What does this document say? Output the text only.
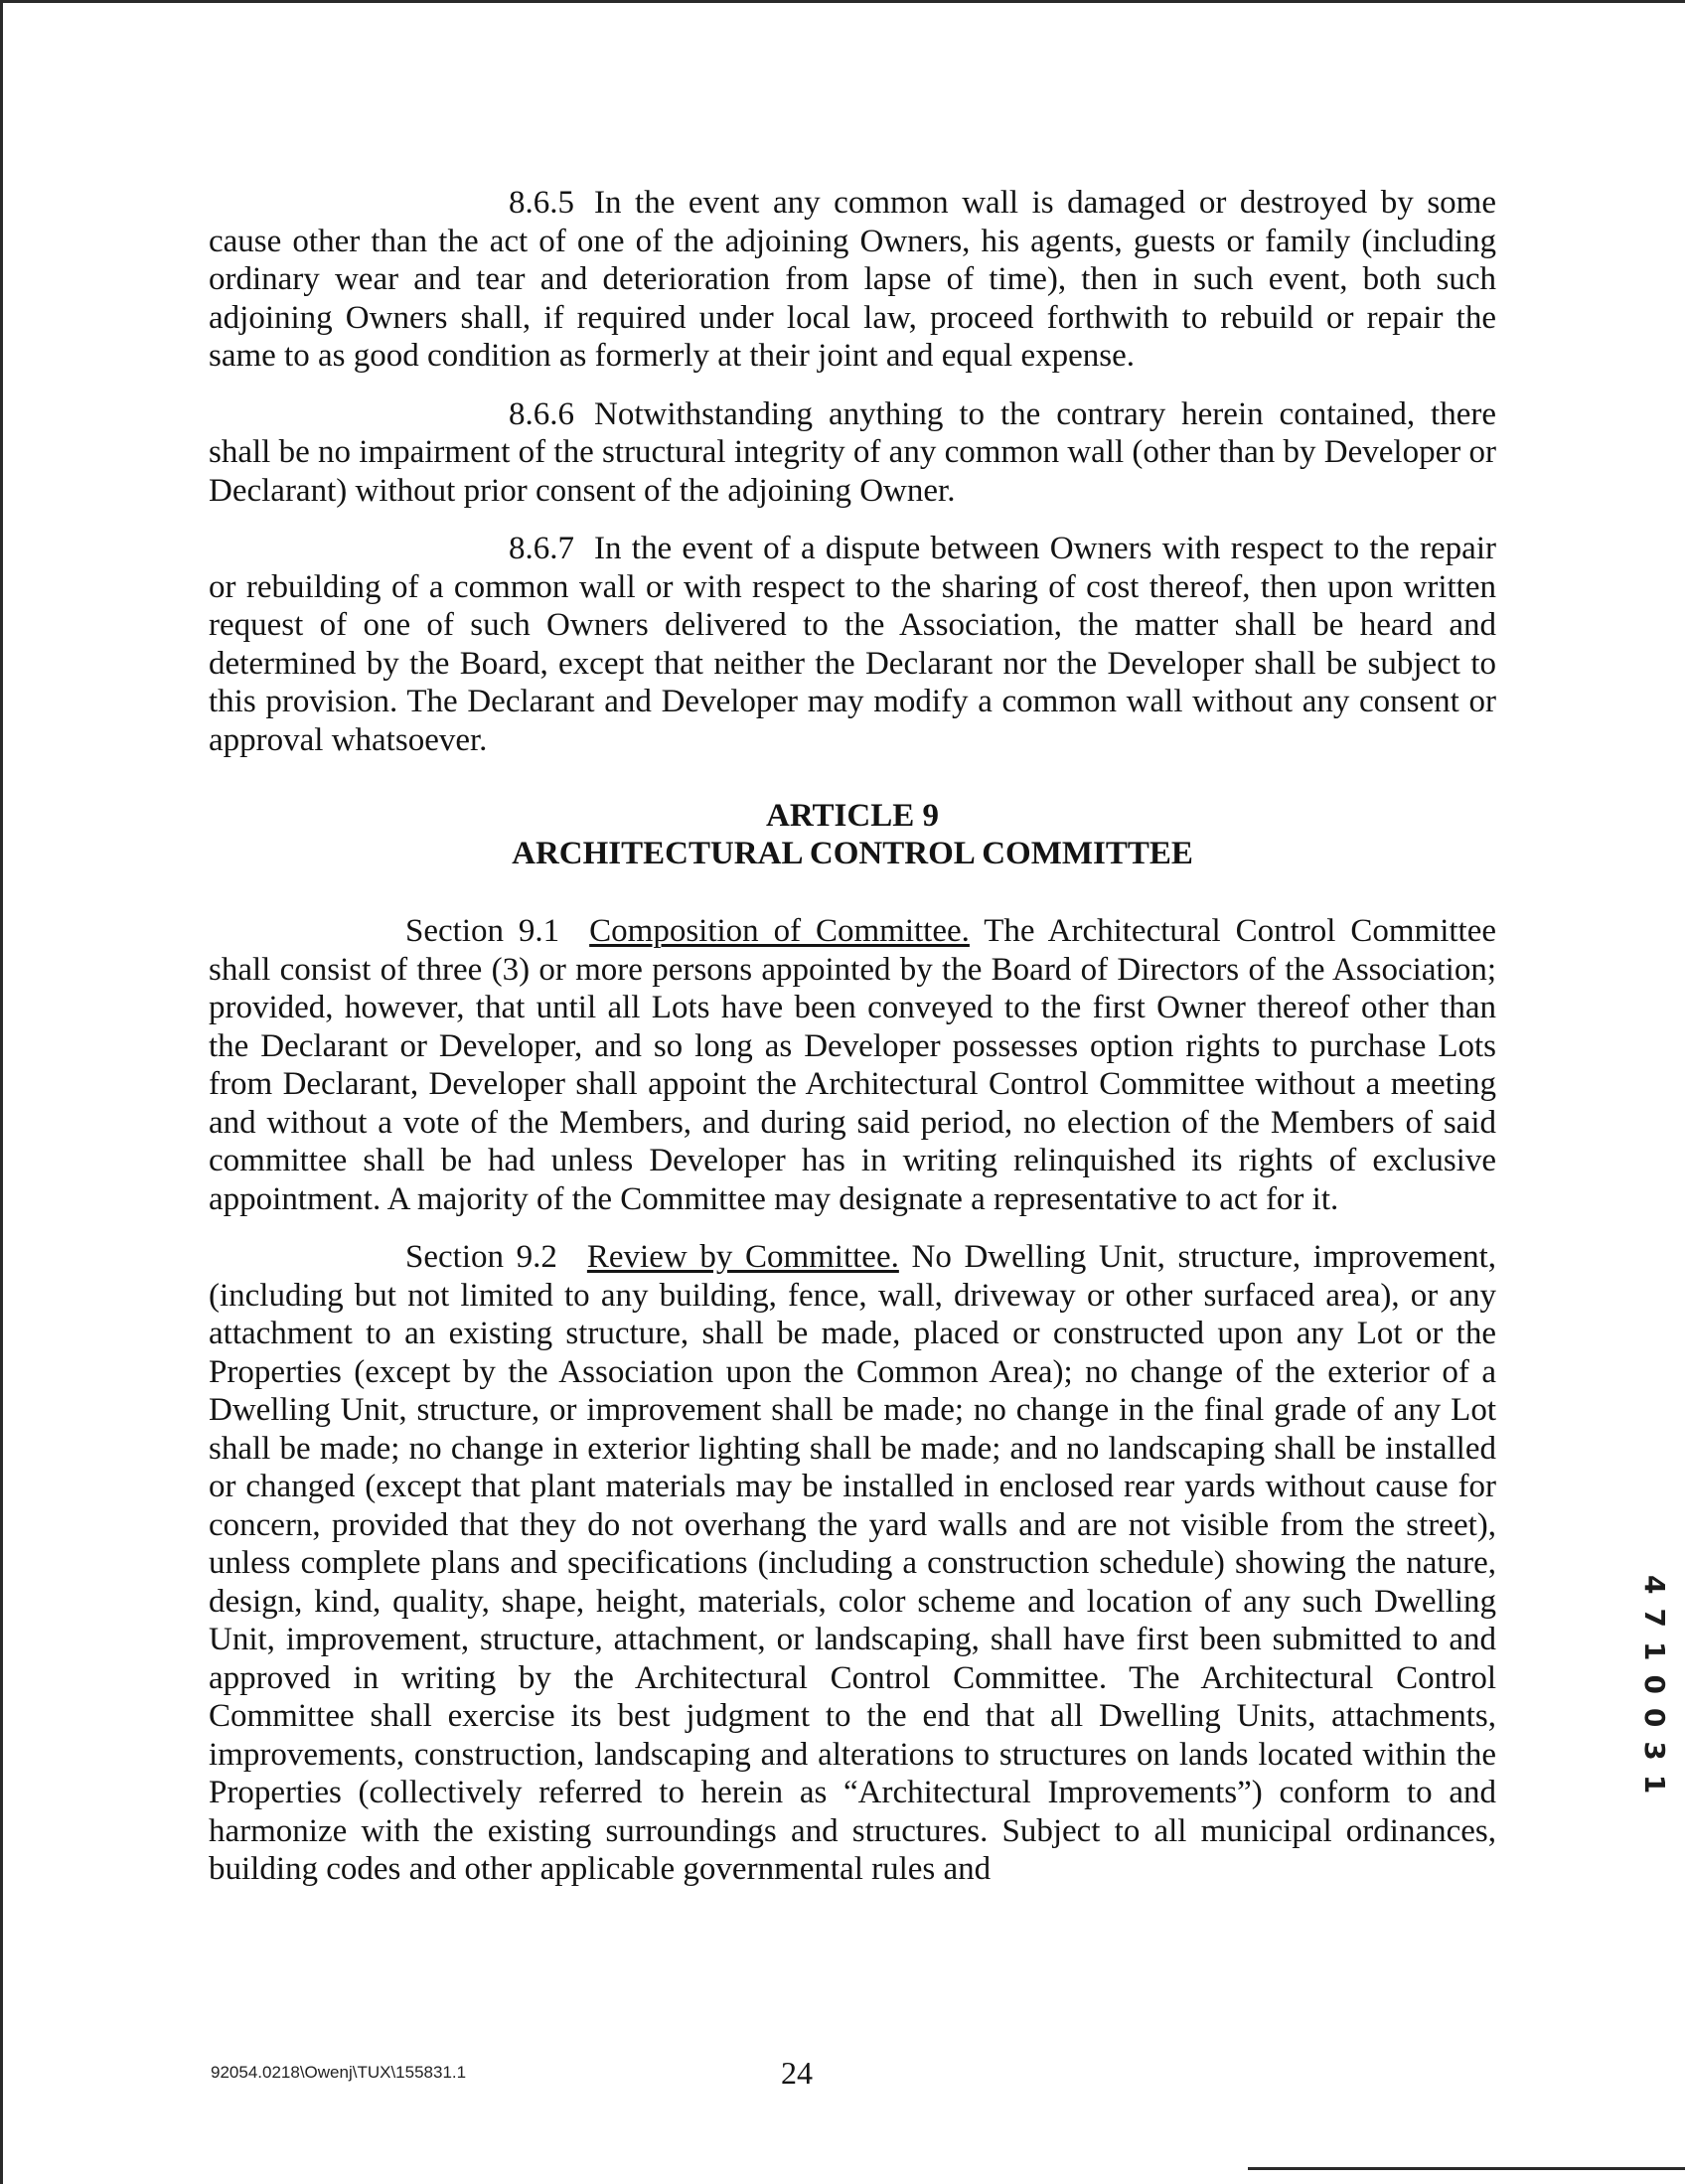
8.6.5 In the event any common wall is damaged or destroyed by some cause other than the act of one of the adjoining Owners, his agents, guests or family (including ordinary wear and tear and deterioration from lapse of time), then in such event, both such adjoining Owners shall, if required under local law, proceed forthwith to rebuild or repair the same to as good condition as formerly at their joint and equal expense.

8.6.6 Notwithstanding anything to the contrary herein contained, there shall be no impairment of the structural integrity of any common wall (other than by Developer or Declarant) without prior consent of the adjoining Owner.

8.6.7 In the event of a dispute between Owners with respect to the repair or rebuilding of a common wall or with respect to the sharing of cost thereof, then upon written request of one of such Owners delivered to the Association, the matter shall be heard and determined by the Board, except that neither the Declarant nor the Developer shall be subject to this provision. The Declarant and Developer may modify a common wall without any consent or approval whatsoever.

ARTICLE 9
ARCHITECTURAL CONTROL COMMITTEE

Section 9.1 Composition of Committee. The Architectural Control Committee shall consist of three (3) or more persons appointed by the Board of Directors of the Association; provided, however, that until all Lots have been conveyed to the first Owner thereof other than the Declarant or Developer, and so long as Developer possesses option rights to purchase Lots from Declarant, Developer shall appoint the Architectural Control Committee without a meeting and without a vote of the Members, and during said period, no election of the Members of said committee shall be had unless Developer has in writing relinquished its rights of exclusive appointment. A majority of the Committee may designate a representative to act for it.

Section 9.2 Review by Committee. No Dwelling Unit, structure, improvement, (including but not limited to any building, fence, wall, driveway or other surfaced area), or any attachment to an existing structure, shall be made, placed or constructed upon any Lot or the Properties (except by the Association upon the Common Area); no change of the exterior of a Dwelling Unit, structure, or improvement shall be made; no change in the final grade of any Lot shall be made; no change in exterior lighting shall be made; and no landscaping shall be installed or changed (except that plant materials may be installed in enclosed rear yards without cause for concern, provided that they do not overhang the yard walls and are not visible from the street), unless complete plans and specifications (including a construction schedule) showing the nature, design, kind, quality, shape, height, materials, color scheme and location of any such Dwelling Unit, improvement, structure, attachment, or landscaping, shall have first been submitted to and approved in writing by the Architectural Control Committee. The Architectural Control Committee shall exercise its best judgment to the end that all Dwelling Units, attachments, improvements, construction, landscaping and alterations to structures on lands located within the Properties (collectively referred to herein as “Architectural Improvements”) conform to and harmonize with the existing surroundings and structures. Subject to all municipal ordinances, building codes and other applicable governmental rules and

92054.0218\Owenj\TUX\155831.1	24
4710031
